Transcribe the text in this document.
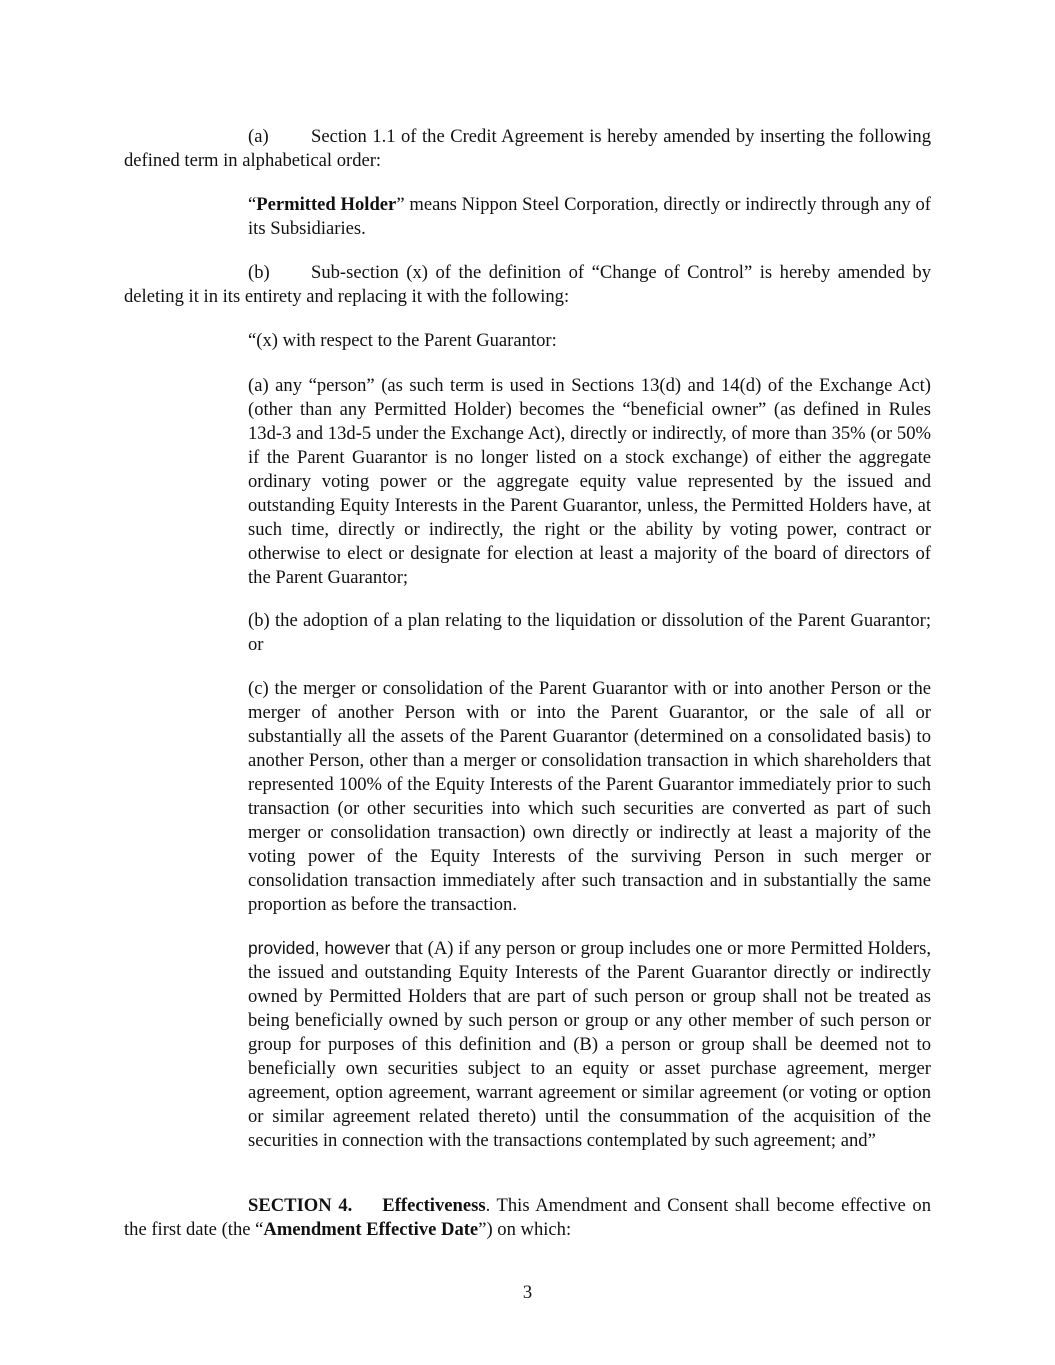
(a) Section 1.1 of the Credit Agreement is hereby amended by inserting the following defined term in alphabetical order:

“Permitted Holder” means Nippon Steel Corporation, directly or indirectly through any of its Subsidiaries.

(b) Sub-section (x) of the definition of “Change of Control” is hereby amended by deleting it in its entirety and replacing it with the following:

“(x) with respect to the Parent Guarantor:

(a) any “person” (as such term is used in Sections 13(d) and 14(d) of the Exchange Act) (other than any Permitted Holder) becomes the “beneficial owner” (as defined in Rules 13d-3 and 13d-5 under the Exchange Act), directly or indirectly, of more than 35% (or 50% if the Parent Guarantor is no longer listed on a stock exchange) of either the aggregate ordinary voting power or the aggregate equity value represented by the issued and outstanding Equity Interests in the Parent Guarantor, unless, the Permitted Holders have, at such time, directly or indirectly, the right or the ability by voting power, contract or otherwise to elect or designate for election at least a majority of the board of directors of the Parent Guarantor;

(b) the adoption of a plan relating to the liquidation or dissolution of the Parent Guarantor; or

(c) the merger or consolidation of the Parent Guarantor with or into another Person or the merger of another Person with or into the Parent Guarantor, or the sale of all or substantially all the assets of the Parent Guarantor (determined on a consolidated basis) to another Person, other than a merger or consolidation transaction in which shareholders that represented 100% of the Equity Interests of the Parent Guarantor immediately prior to such transaction (or other securities into which such securities are converted as part of such merger or consolidation transaction) own directly or indirectly at least a majority of the voting power of the Equity Interests of the surviving Person in such merger or consolidation transaction immediately after such transaction and in substantially the same proportion as before the transaction.

provided, however that (A) if any person or group includes one or more Permitted Holders, the issued and outstanding Equity Interests of the Parent Guarantor directly or indirectly owned by Permitted Holders that are part of such person or group shall not be treated as being beneficially owned by such person or group or any other member of such person or group for purposes of this definition and (B) a person or group shall be deemed not to beneficially own securities subject to an equity or asset purchase agreement, merger agreement, option agreement, warrant agreement or similar agreement (or voting or option or similar agreement related thereto) until the consummation of the acquisition of the securities in connection with the transactions contemplated by such agreement; and”

SECTION 4. Effectiveness. This Amendment and Consent shall become effective on the first date (the “Amendment Effective Date”) on which:

3
